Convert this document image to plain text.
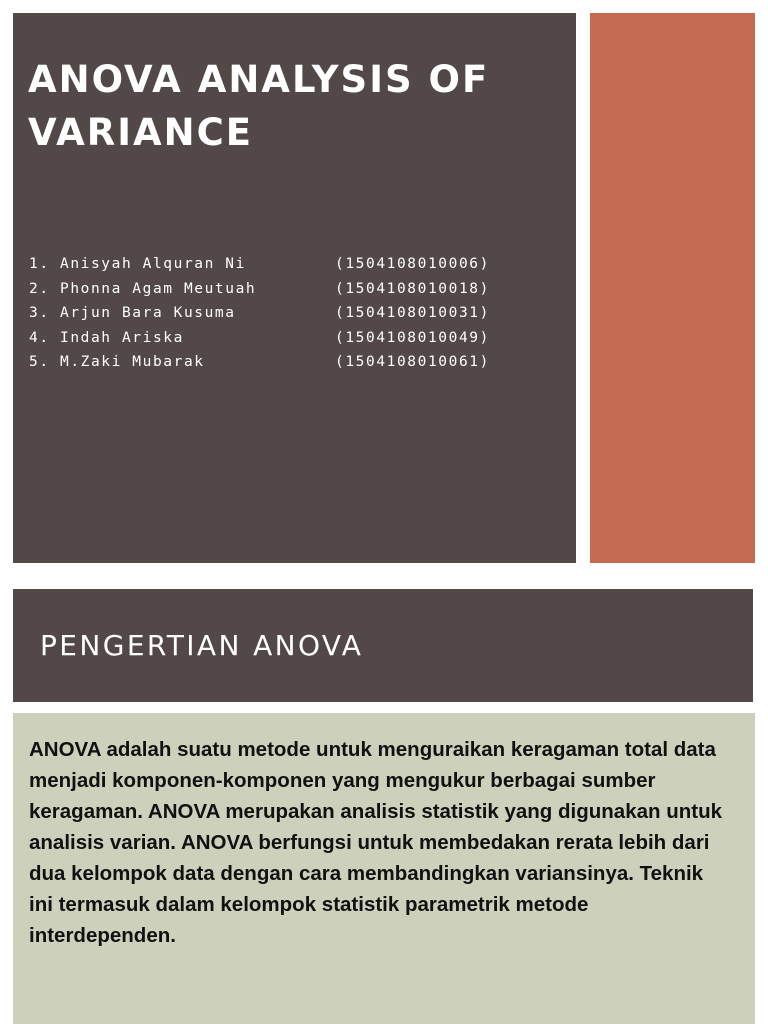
ANOVA ANALYSIS OF VARIANCE
1. Anisyah Alquran Ni	(1504108010006)
2. Phonna Agam Meutuah	(1504108010018)
3. Arjun Bara Kusuma	(1504108010031)
4. Indah Ariska	(1504108010049)
5. M.Zaki Mubarak	(1504108010061)
PENGERTIAN ANOVA

ANOVA adalah suatu metode untuk menguraikan keragaman total data menjadi komponen-komponen yang mengukur berbagai sumber keragaman. ANOVA merupakan analisis statistik yang digunakan untuk analisis varian. ANOVA berfungsi untuk membedakan rerata lebih dari dua kelompok data dengan cara membandingkan variansinya. Teknik ini termasuk dalam kelompok statistik parametrik metode interdependen.
